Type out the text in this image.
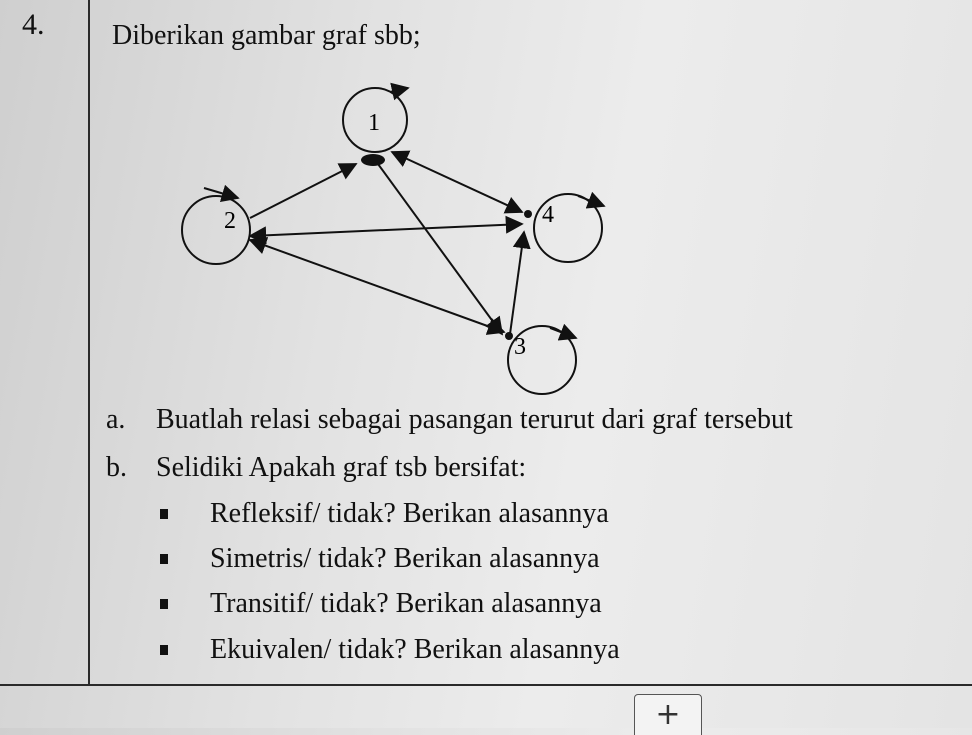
4. Diberikan gambar graf sbb;
1
2
3
4
a. Buatlah relasi sebagai pasangan terurut dari graf tersebut
b. Selidiki Apakah graf tsb bersifat:
Refleksif/ tidak? Berikan alasannya
Simetris/ tidak? Berikan alasannya
Transitif/ tidak? Berikan alasannya
Ekuivalen/ tidak? Berikan alasannya
+
